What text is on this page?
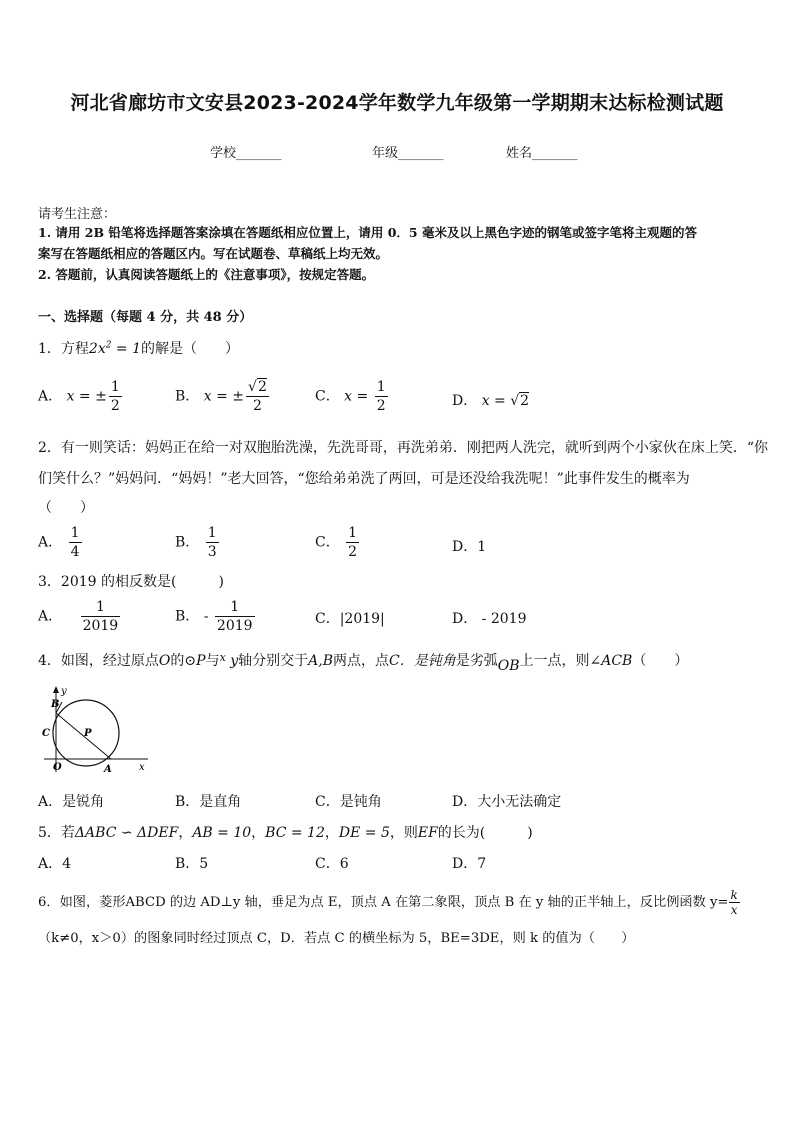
河北省廊坊市文安县2023-2024学年数学九年级第一学期期末达标检测试题
学校_______	年级_______	姓名_______
请考生注意：
1. 请用 2B 铅笔将选择题答案涂填在答题纸相应位置上，请用 0．5 毫米及以上黑色字迹的钢笔或签字笔将主观题的答
案写在答题纸相应的答题区内。写在试题卷、草稿纸上均无效。
2. 答题前，认真阅读答题纸上的《注意事项》，按规定答题。
一、选择题（每题 4 分，共 48 分）
1．方程$2x^2 = 1$的解是（　　）
A． x = ± $\frac{1}{2}$	B． x = ± $\frac{√2}{2}$	C． $x = \frac{1}{2}$	D． x = √2
2．有一则笑话：妈妈正在给一对双胞胎洗澡，先洗哥哥，再洗弟弟．刚把两人洗完，就听到两个小家伙在床上笑．“你
们笑什么？”妈妈问．“妈妈！”老大回答，“您给弟弟洗了两回，可是还没给我洗呢！”此事件发生的概率为
（　　）
A． $\frac{1}{4}$	B． $\frac{1}{3}$	C． $\frac{1}{2}$	D．1
3．2019 的相反数是(　　　)
A． $\frac{1}{2019}$	B． - $\frac{1}{2019}$	C．|2019|	D． - 2019
4．如图，经过原点O的⊙P与$^x$ y轴分别交于A,B两点，点C．是钝角是劣弧OB上一点，则∠ACB（　　）
B
C	P
O	A	x
y
A．是锐角	B．是直角	C．是钝角	D．大小无法确定
5．若ΔABC ∽ ΔDEF，AB = 10，BC = 12，DE = 5，则EF的长为(　　　)
A．4	B．5	C．6	D．7
6．如图，菱形ABCD 的边 AD⊥y 轴，垂足为点 E，顶点 A 在第二象限，顶点 B 在 y 轴的正半轴上，反比例函数 $y= \frac{k}{x}$
（k≠0，x＞0）的图象同时经过顶点 C，D．若点 C 的横坐标为 5，BE=3DE，则 k 的值为（　　）
